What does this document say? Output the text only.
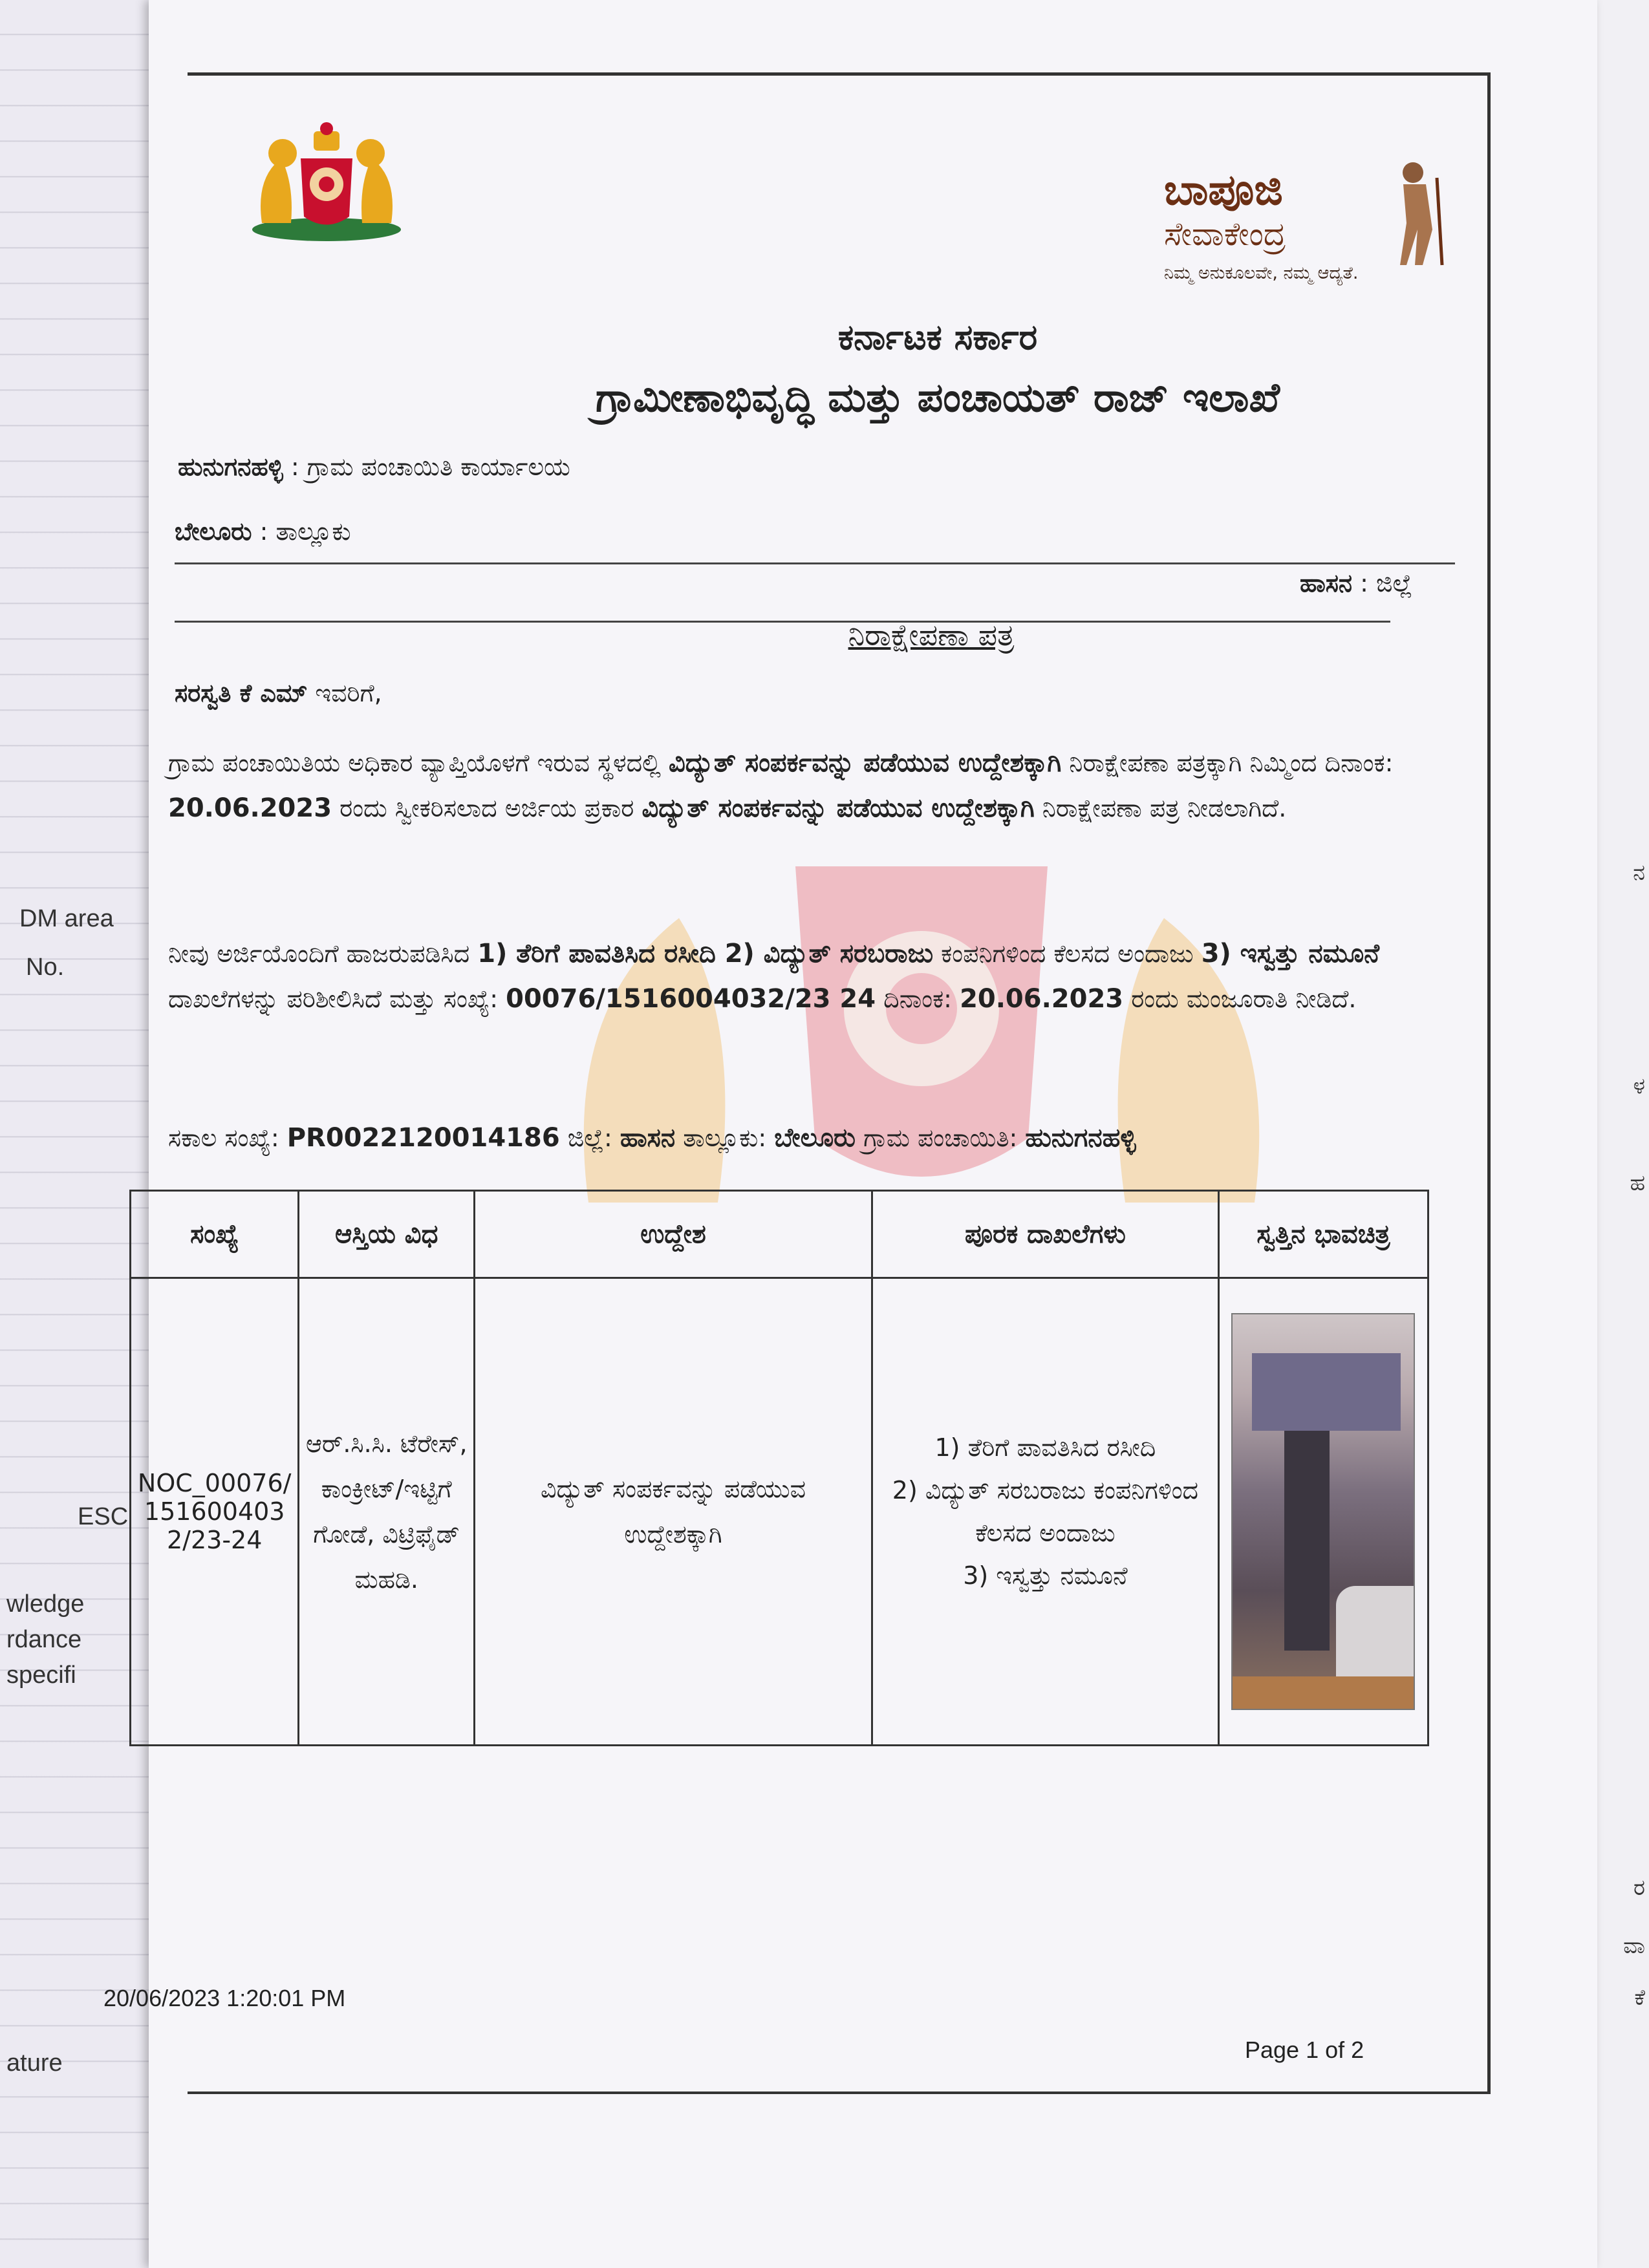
DM area
No.
ESC
wledge
rdance
specifi
ature
ನ
ಳ
ಹ
ರ
ವಾ
ಕೆ
ಬಾಪೂಜಿ
ಸೇವಾಕೇಂದ್ರ
ನಿಮ್ಮ ಅನುಕೂಲವೇ, ನಮ್ಮ ಆದ್ಯತೆ.
ಕರ್ನಾಟಕ ಸರ್ಕಾರ
ಗ್ರಾಮೀಣಾಭಿವೃದ್ಧಿ ಮತ್ತು ಪಂಚಾಯತ್ ರಾಜ್ ಇಲಾಖೆ
ಹುನುಗನಹಳ್ಳಿ : ಗ್ರಾಮ ಪಂಚಾಯಿತಿ ಕಾರ್ಯಾಲಯ
ಬೇಲೂರು : ತಾಲ್ಲೂಕು
ಹಾಸನ : ಜಿಲ್ಲೆ
ನಿರಾಕ್ಷೇಪಣಾ ಪತ್ರ
ಸರಸ್ವತಿ ಕೆ ಎಮ್ ಇವರಿಗೆ,
ಗ್ರಾಮ ಪಂಚಾಯಿತಿಯ ಅಧಿಕಾರ ವ್ಯಾಪ್ತಿಯೊಳಗೆ ಇರುವ ಸ್ಥಳದಲ್ಲಿ ವಿದ್ಯುತ್ ಸಂಪರ್ಕವನ್ನು ಪಡೆಯುವ ಉದ್ದೇಶಕ್ಕಾಗಿ ನಿರಾಕ್ಷೇಪಣಾ ಪತ್ರಕ್ಕಾಗಿ ನಿಮ್ಮಿಂದ ದಿನಾಂಕ: 20.06.2023 ರಂದು ಸ್ವೀಕರಿಸಲಾದ ಅರ್ಜಿಯ ಪ್ರಕಾರ ವಿದ್ಯುತ್ ಸಂಪರ್ಕವನ್ನು ಪಡೆಯುವ ಉದ್ದೇಶಕ್ಕಾಗಿ ನಿರಾಕ್ಷೇಪಣಾ ಪತ್ರ ನೀಡಲಾಗಿದೆ.
ನೀವು ಅರ್ಜಿಯೊಂದಿಗೆ ಹಾಜರುಪಡಿಸಿದ 1) ತೆರಿಗೆ ಪಾವತಿಸಿದ ರಸೀದಿ 2) ವಿದ್ಯುತ್ ಸರಬರಾಜು ಕಂಪನಿಗಳಿಂದ ಕೆಲಸದ ಅಂದಾಜು 3) ಇಸ್ವತ್ತು ನಮೂನೆ ದಾಖಲೆಗಳನ್ನು ಪರಿಶೀಲಿಸಿದೆ ಮತ್ತು ಸಂಖ್ಯೆ: 00076/1516004032/23 24 ದಿನಾಂಕ: 20.06.2023 ರಂದು ಮಂಜೂರಾತಿ ನೀಡಿದೆ.
ಸಕಾಲ ಸಂಖ್ಯೆ: PR0022120014186 ಜಿಲ್ಲೆ: ಹಾಸನ ತಾಲ್ಲೂಕು: ಬೇಲೂರು ಗ್ರಾಮ ಪಂಚಾಯಿತಿ: ಹುನುಗನಹಳ್ಳಿ
ಸಂಖ್ಯೆ	ಆಸ್ತಿಯ ವಿಧ	ಉದ್ದೇಶ	ಪೂರಕ ದಾಖಲೆಗಳು	ಸ್ವತ್ತಿನ ಭಾವಚಿತ್ರ
NOC_00076/1516004032/23-24	ಆರ್.ಸಿ.ಸಿ. ಟೆರೇಸ್, ಕಾಂಕ್ರೀಟ್/ಇಟ್ಟಿಗೆ ಗೋಡೆ, ವಿಟ್ರಿಫೈಡ್ ಮಹಡಿ.	ವಿದ್ಯುತ್ ಸಂಪರ್ಕವನ್ನು ಪಡೆಯುವ ಉದ್ದೇಶಕ್ಕಾಗಿ	1) ತೆರಿಗೆ ಪಾವತಿಸಿದ ರಸೀದಿ
2) ವಿದ್ಯುತ್ ಸರಬರಾಜು ಕಂಪನಿಗಳಿಂದ ಕೆಲಸದ ಅಂದಾಜು
3) ಇಸ್ವತ್ತು ನಮೂನೆ	

20/06/2023 1:20:01 PM
Page 1 of 2
